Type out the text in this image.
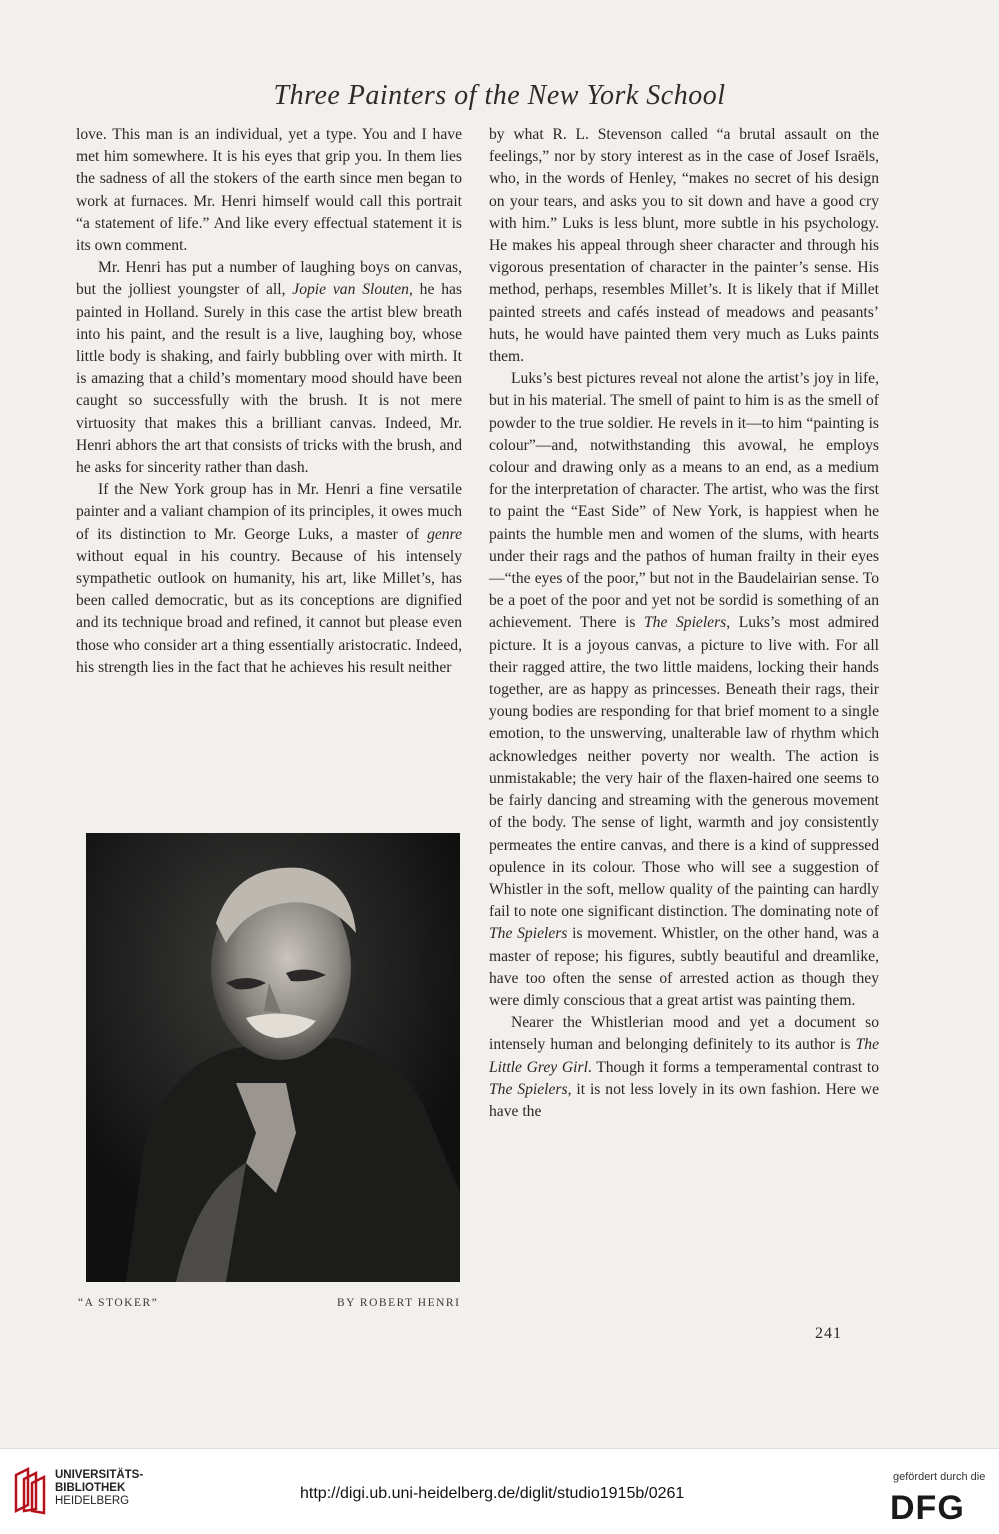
Three Painters of the New York School

love. This man is an individual, yet a type. You and I have met him somewhere. It is his eyes that grip you. In them lies the sadness of all the stokers of the earth since men began to work at furnaces. Mr. Henri himself would call this portrait “a statement of life.” And like every effectual statement it is its own comment.

Mr. Henri has put a number of laughing boys on canvas, but the jolliest youngster of all, Jopie van Slouten, he has painted in Holland. Surely in this case the artist blew breath into his paint, and the result is a live, laughing boy, whose little body is shaking, and fairly bubbling over with mirth. It is amazing that a child’s momentary mood should have been caught so successfully with the brush. It is not mere virtuosity that makes this a brilliant canvas. Indeed, Mr. Henri abhors the art that consists of tricks with the brush, and he asks for sincerity rather than dash.

If the New York group has in Mr. Henri a fine versatile painter and a valiant champion of its principles, it owes much of its distinction to Mr. George Luks, a master of genre without equal in his country. Because of his intensely sympathetic outlook on humanity, his art, like Millet’s, has been called democratic, but as its conceptions are dignified and its technique broad and refined, it cannot but please even those who consider art a thing essentially aristocratic. Indeed, his strength lies in the fact that he achieves his result neither

“A STOKER”	BY ROBERT HENRI

by what R. L. Stevenson called “a brutal assault on the feelings,” nor by story interest as in the case of Josef Israëls, who, in the words of Henley, “makes no secret of his design on your tears, and asks you to sit down and have a good cry with him.” Luks is less blunt, more subtle in his psychology. He makes his appeal through sheer character and through his vigorous presentation of character in the painter’s sense. His method, perhaps, resembles Millet’s. It is likely that if Millet painted streets and cafés instead of meadows and peasants’ huts, he would have painted them very much as Luks paints them.

Luks’s best pictures reveal not alone the artist’s joy in life, but in his material. The smell of paint to him is as the smell of powder to the true soldier. He revels in it—to him “painting is colour”—and, notwithstanding this avowal, he employs colour and drawing only as a means to an end, as a medium for the interpretation of character. The artist, who was the first to paint the “East Side” of New York, is happiest when he paints the humble men and women of the slums, with hearts under their rags and the pathos of human frailty in their eyes—“the eyes of the poor,” but not in the Baudelairian sense. To be a poet of the poor and yet not be sordid is something of an achievement. There is The Spielers, Luks’s most admired picture. It is a joyous canvas, a picture to live with. For all their ragged attire, the two little maidens, locking their hands together, are as happy as princesses. Beneath their rags, their young bodies are responding for that brief moment to a single emotion, to the unswerving, unalterable law of rhythm which acknowledges neither poverty nor wealth. The action is unmistakable; the very hair of the flaxen-haired one seems to be fairly dancing and streaming with the generous movement of the body. The sense of light, warmth and joy consistently permeates the entire canvas, and there is a kind of suppressed opulence in its colour. Those who will see a suggestion of Whistler in the soft, mellow quality of the painting can hardly fail to note one significant distinction. The dominating note of The Spielers is movement. Whistler, on the other hand, was a master of repose; his figures, subtly beautiful and dreamlike, have too often the sense of arrested action as though they were dimly conscious that a great artist was painting them.

Nearer the Whistlerian mood and yet a document so intensely human and belonging definitely to its author is The Little Grey Girl. Though it forms a temperamental contrast to The Spielers, it is not less lovely in its own fashion. Here we have the

241
UNIVERSITÄTS-
BIBLIOTHEK
HEIDELBERG	http://digi.ub.uni-heidelberg.de/diglit/studio1915b/0261
gefördert durch die
DFG
